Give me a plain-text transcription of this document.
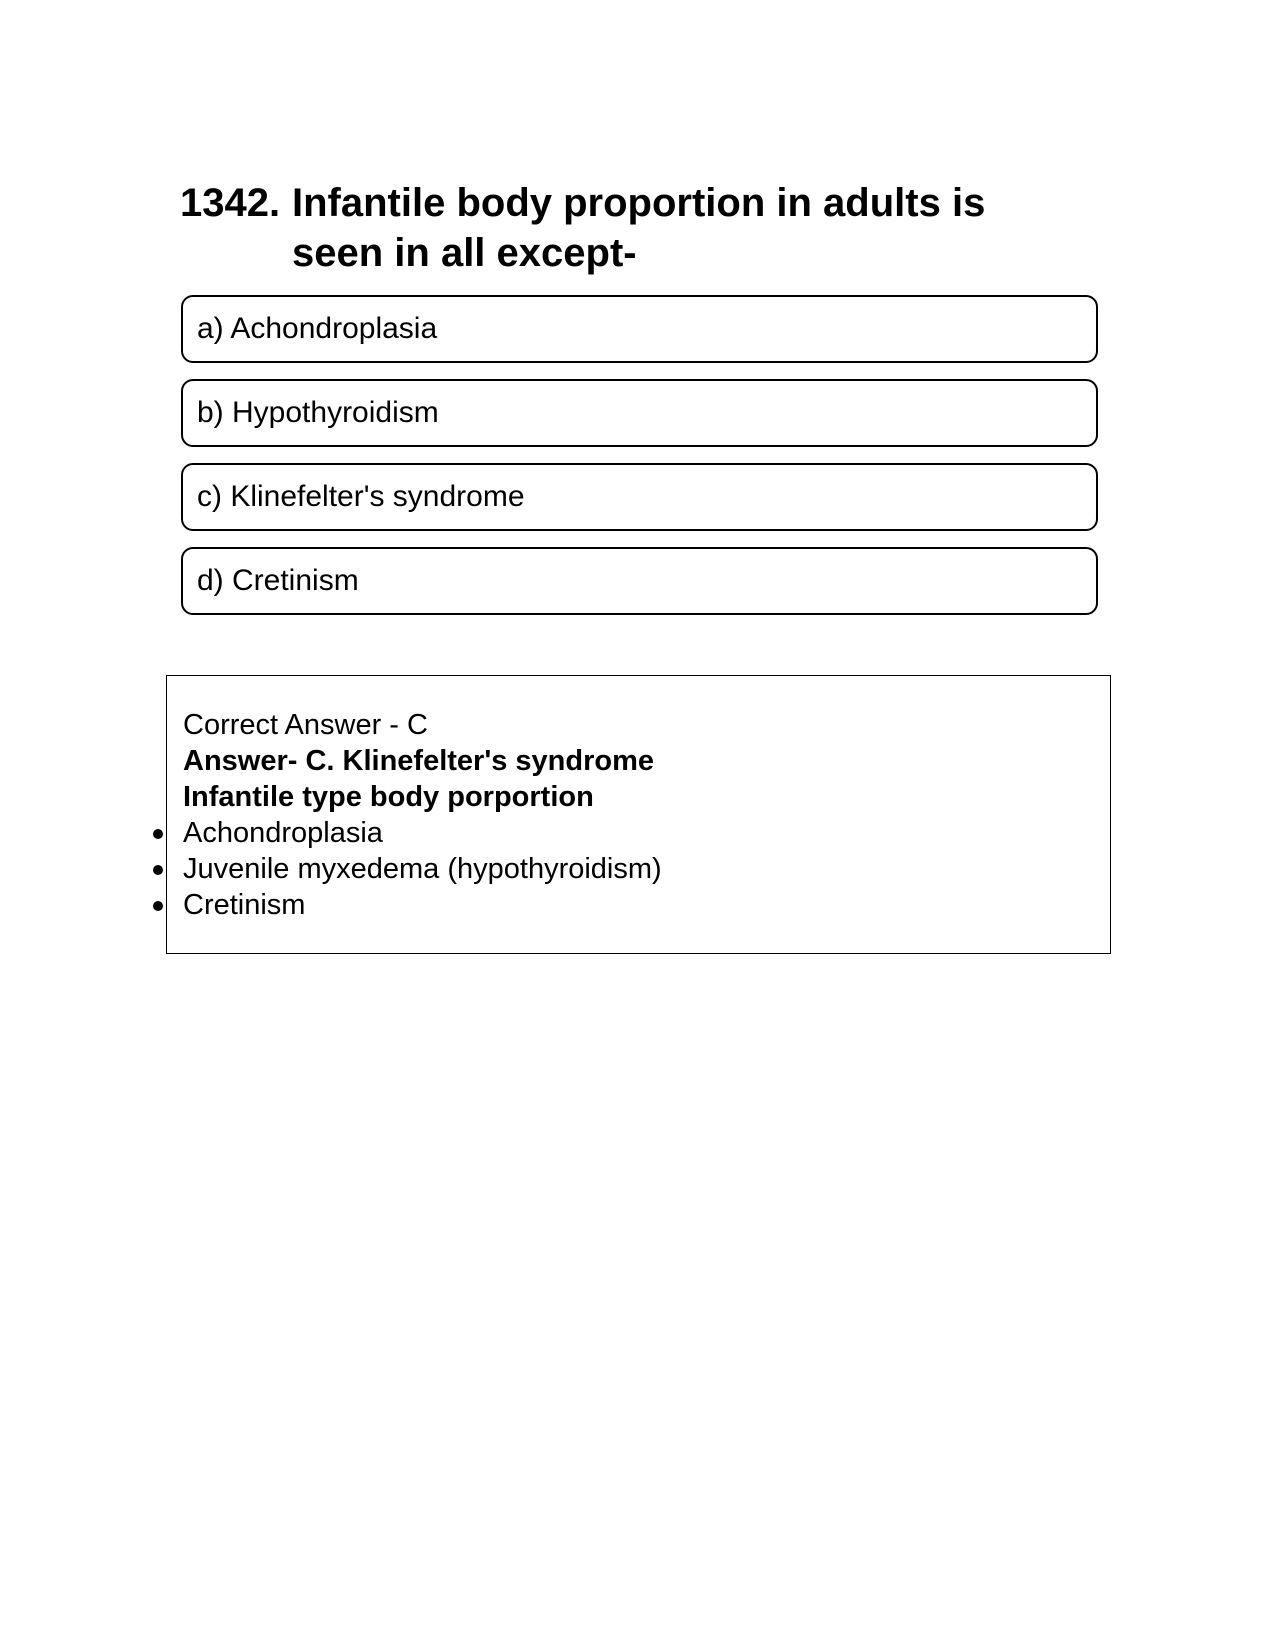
1342. Infantile body proportion in adults is seen in all except-
a) Achondroplasia
b) Hypothyroidism
c) Klinefelter's syndrome
d) Cretinism
Correct Answer - C
Answer- C. Klinefelter's syndrome
Infantile type body porportion
Achondroplasia
Juvenile myxedema (hypothyroidism)
Cretinism
